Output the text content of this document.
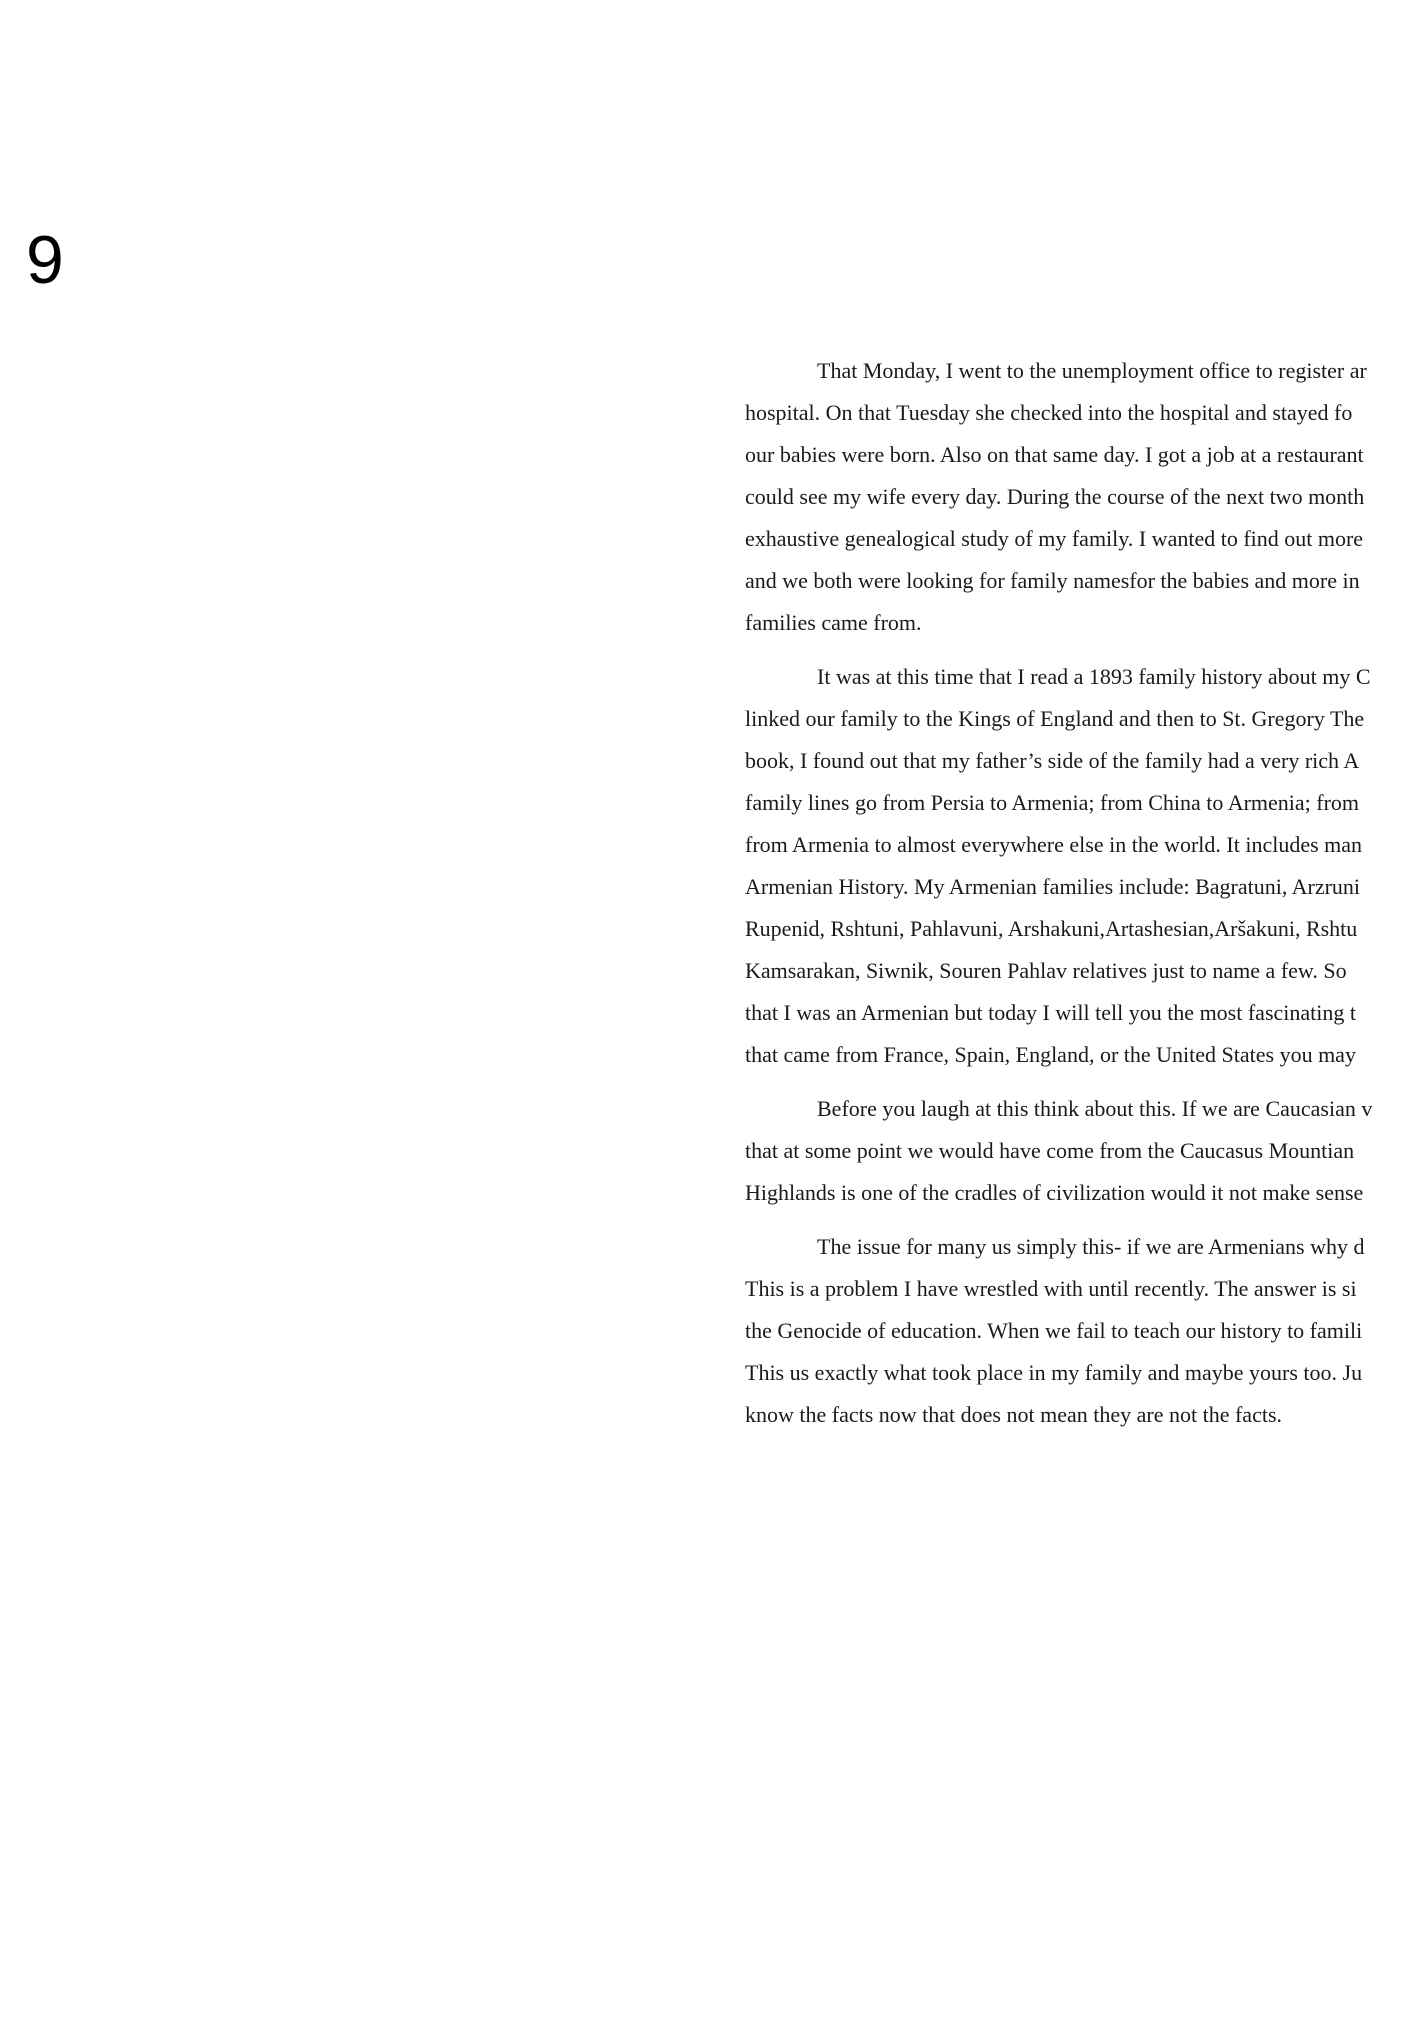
9

That Monday, I went to the unemployment office to register ar
hospital. On that Tuesday she checked into the hospital and stayed fo
our babies were born. Also on that same day. I got a job at a restaurant
could see my wife every day. During the course of the next two month
exhaustive genealogical study of my family. I wanted to find out more
and we both were looking for family namesfor the babies and more in
families came from.
It was at this time that I read a 1893 family history about my C
linked our family to the Kings of England and then to St. Gregory The
book, I found out that my father’s side of the family had a very rich A
family lines go from Persia to Armenia; from China to Armenia; from
from Armenia to almost everywhere else in the world. It includes man
Armenian History. My Armenian families include: Bagratuni, Arzruni
Rupenid, Rshtuni, Pahlavuni, Arshakuni,Artashesian,Aršakuni, Rshtu
Kamsarakan, Siwnik, Souren Pahlav relatives just to name a few. So
that I was an Armenian but today I will tell you the most fascinating t
that came from France, Spain, England, or the United States you may
Before you laugh at this think about this. If we are Caucasian v
that at some point we would have come from the Caucasus Mountian
Highlands is one of the cradles of civilization would it not make sense
The issue for many us simply this- if we are Armenians why d
This is a problem I have wrestled with until recently. The answer is si
the Genocide of education. When we fail to teach our history to famili
This us exactly what took place in my family and maybe yours too. Ju
know the facts now that does not mean they are not the facts.
